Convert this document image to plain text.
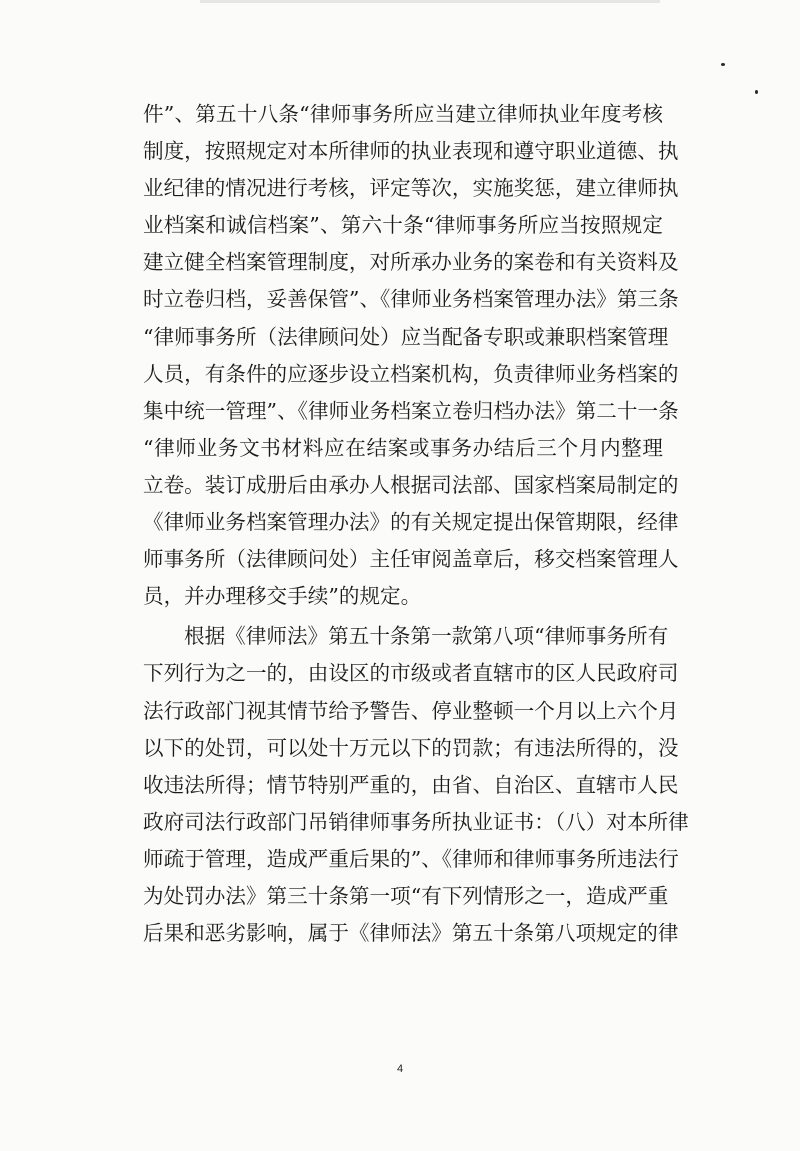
件”、第五十八条“律师事务所应当建立律师执业年度考核
制度，按照规定对本所律师的执业表现和遵守职业道德、执
业纪律的情况进行考核，评定等次，实施奖惩，建立律师执
业档案和诚信档案”、第六十条“律师事务所应当按照规定
建立健全档案管理制度，对所承办业务的案卷和有关资料及
时立卷归档，妥善保管”、《律师业务档案管理办法》第三条
“律师事务所（法律顾问处）应当配备专职或兼职档案管理
人员，有条件的应逐步设立档案机构，负责律师业务档案的
集中统一管理”、《律师业务档案立卷归档办法》第二十一条
“律师业务文书材料应在结案或事务办结后三个月内整理
立卷。装订成册后由承办人根据司法部、国家档案局制定的
《律师业务档案管理办法》的有关规定提出保管期限，经律
师事务所（法律顾问处）主任审阅盖章后，移交档案管理人
员，并办理移交手续”的规定。
根据《律师法》第五十条第一款第八项“律师事务所有
下列行为之一的，由设区的市级或者直辖市的区人民政府司
法行政部门视其情节给予警告、停业整顿一个月以上六个月
以下的处罚，可以处十万元以下的罚款；有违法所得的，没
收违法所得；情节特别严重的，由省、自治区、直辖市人民
政府司法行政部门吊销律师事务所执业证书：（八）对本所律
师疏于管理，造成严重后果的”、《律师和律师事务所违法行
为处罚办法》第三十条第一项“有下列情形之一，造成严重
后果和恶劣影响，属于《律师法》第五十条第八项规定的律
4
